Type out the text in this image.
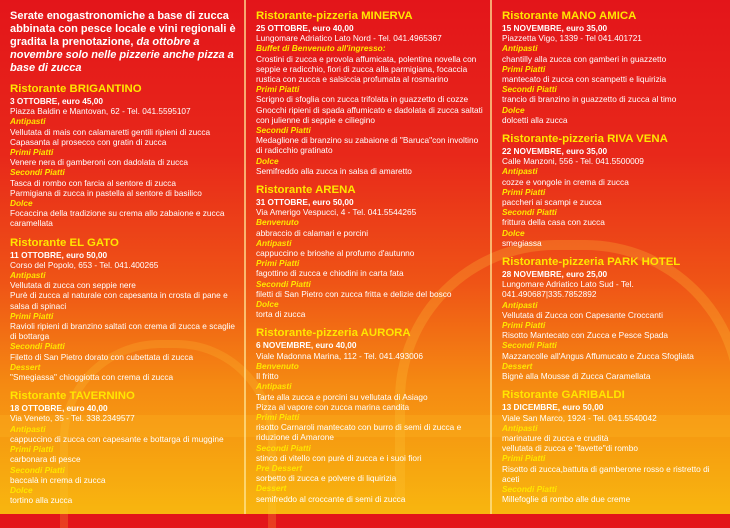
Serate enogastronomiche a base di zucca abbinata con pesce locale e vini regionali è gradita la prenotazione, da ottobre a novembre solo nelle pizzerie anche pizza a base di zucca
Ristorante BRIGANTINO
3 OTTOBRE, euro 45,00
Piazza Baldin e Mantovan, 62 - Tel. 041.5595107
Antipasti
Vellutata di mais con calamaretti gentili ripieni di zucca
Capasanta al prosecco con gratin di zucca
Primi Piatti
Venere nera di gamberoni con dadolata di zucca
Secondi Piatti
Tasca di rombo con farcia al sentore di zucca
Parmigiana di zucca in pastella al sentore di basilico
Dolce
Focaccina della tradizione su crema allo zabaione e zucca caramellata
Ristorante EL GATO
11 OTTOBRE, euro 50,00
Corso del Popolo, 653 - Tel. 041.400265
Antipasti
Vellutata di zucca con seppie nere
Purè di zucca al naturale con capesanta in crosta di pane e salsa di spinaci
Primi Piatti
Ravioli ripieni di branzino saltati con crema di zucca e scaglie di bottarga
Secondi Piatti
Filetto di San Pietro dorato con cubettata di zucca
Dessert
"Smegiassa" chioggiotta con crema di zucca
Ristorante TAVERNINO
18 OTTOBRE, euro 40,00
Via Veneto, 35 - Tel. 338.2349577
Antipasti
cappuccino di zucca con capesante e bottarga di muggine
Primi Piatti
carbonara di pesce
Secondi Piatti
baccalà in crema di zucca
Dolce
tortino alla zucca
Ristorante-pizzeria MINERVA
25 OTTOBRE, euro 40,00
Lungomare Adriatico Lato Nord - Tel. 041.4965367
Buffet di Benvenuto all'ingresso:
Crostini di zucca e provola affumicata, polentina novella con seppie e radicchio, fiori di zucca alla parmigiana, focaccia rustica con zucca e salsiccia profumata al rosmarino
Primi Piatti
Scrigno di sfoglia con zucca trifolata in guazzetto di cozze
Gnocchi ripieni di spada affumicato e dadolata di zucca saltati con julienne di seppie e ciliegino
Secondi Piatti
Medaglione di branzino su zabaione di "Baruca"con involtino di radicchio gratinato
Dolce
Semifreddo alla zucca in salsa di amaretto
Ristorante ARENA
31 OTTOBRE, euro 50,00
Via Amerigo Vespucci, 4 - Tel. 041.5544265
Benvenuto
abbraccio di calamari e porcini
Antipasti
cappuccino e brioshe al profumo d'autunno
Primi Piatti
fagottino di zucca e chiodini in carta fata
Secondi Piatti
filetti di San Pietro con zucca fritta e delizie del bosco
Dolce
torta di zucca
Ristorante-pizzeria AURORA
6 NOVEMBRE, euro 40,00
Viale Madonna Marina, 112 - Tel. 041.493006
Benvenuto
Il fritto
Antipasti
Tarte alla zucca e porcini su vellutata di Asiago
Pizza al vapore con zucca marina candita
Primi Piatti
risotto Carnaroli mantecato con burro di semi di zucca e riduzione di Amarone
Secondi Piatti
stinco di vitello con purè di zucca e i suoi fiori
Pre Dessert
sorbetto di zucca e polvere di liquirizia
Dessert
semifreddo al croccante di semi di zucca
Ristorante MANO AMICA
15 NOVEMBRE, euro 35,00
Piazzetta Vigo, 1339 - Tel 041.401721
Antipasti
chantilly alla zucca con gamberi in guazzetto
Primi Piatti
mantecato di zucca con scampetti e liquirizia
Secondi Piatti
trancio di branzino in guazzetto di zucca al timo
Dolce
dolcetti alla zucca
Ristorante-pizzeria RIVA VENA
22 NOVEMBRE, euro 35,00
Calle Manzoni, 556 - Tel. 041.5500009
Antipasti
cozze e vongole in crema di zucca
Primi Piatti
paccheri ai scampi e zucca
Secondi Piatti
frittura della casa con zucca
Dolce
smegiassa
Ristorante-pizzeria PARK HOTEL
28 NOVEMBRE, euro 25,00
Lungomare Adriatico Lato Sud - Tel. 041.490687|335.7852892
Antipasti
Vellutata di Zucca con Capesante Croccanti
Primi Piatti
Risotto Mantecato con Zucca e Pesce Spada
Secondi Piatti
Mazzancolle all'Angus Affumucato e Zucca Sfogliata
Dessert
Bignè alla Mousse di Zucca Caramellata
Ristorante GARIBALDI
13 DICEMBRE, euro 50,00
Viale San Marco, 1924 - Tel. 041.5540042
Antipasti
marinature di zucca e crudità
vellutata di zucca e "favette"di rombo
Primi Piatti
Risotto di zucca,battuta di gamberone rosso e ristretto di aceti
Secondi Piatti
Millefoglie di rombo alle due creme
